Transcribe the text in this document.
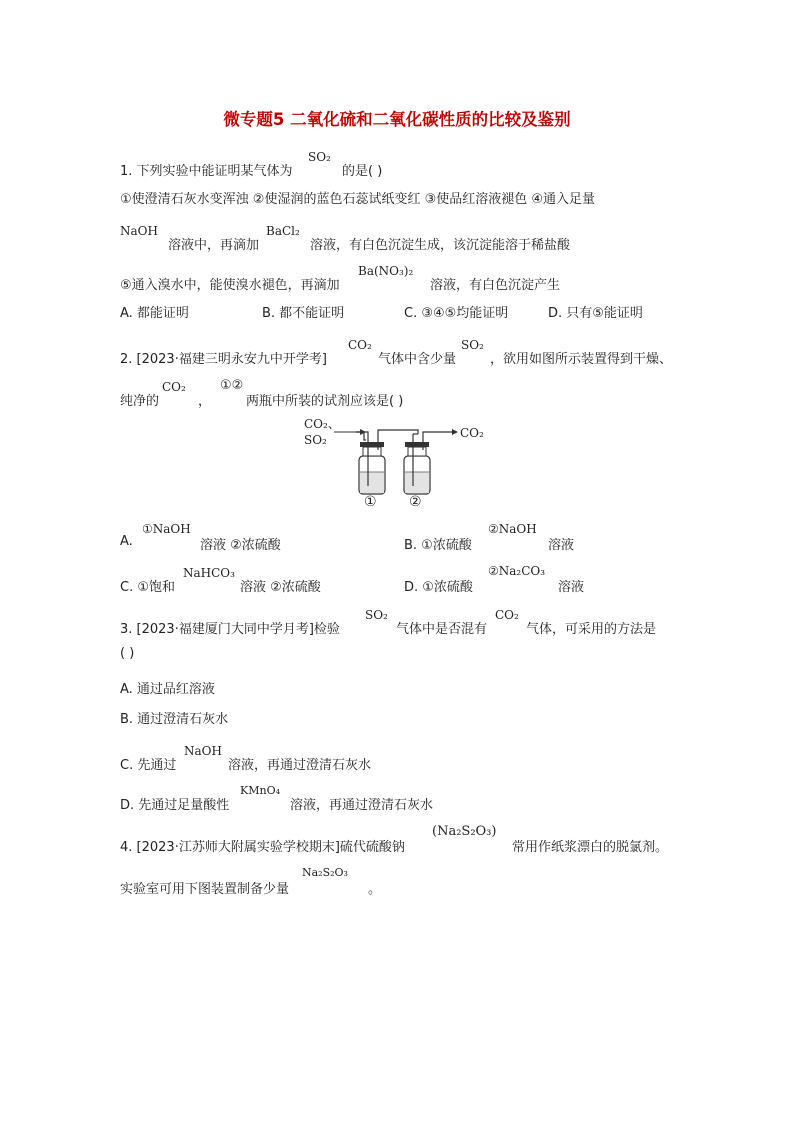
微专题5 二氧化硫和二氧化碳性质的比较及鉴别
1. 下列实验中能证明某气体为
SO₂
的是( )
①使澄清石灰水变浑浊 ②使湿润的蓝色石蕊试纸变红 ③使品红溶液褪色 ④通入足量
NaOH
溶液中，再滴加
BaCl₂
溶液，有白色沉淀生成，该沉淀能溶于稀盐酸
⑤通入溴水中，能使溴水褪色，再滴加
Ba(NO₃)₂
溶液，有白色沉淀产生
A. 都能证明	B. 都不能证明	C. ③④⑤均能证明	D. 只有⑤能证明
2. [2023·福建三明永安九中开学考]
CO₂
气体中含少量
SO₂
，欲用如图所示装置得到干燥、
纯净的
CO₂
，
①②
两瓶中所装的试剂应该是( )
CO₂、
SO₂	CO₂
① ②
A.
①NaOH
溶液 ②浓硫酸	B. ①浓硫酸
②NaOH
溶液
C. ①饱和
NaHCO₃
溶液 ②浓硫酸	D. ①浓硫酸
②Na₂CO₃
溶液
3. [2023·福建厦门大同中学月考]检验
SO₂
气体中是否混有
CO₂
气体，可采用的方法是
( )
A. 通过品红溶液
B. 通过澄清石灰水
C. 先通过
NaOH
溶液，再通过澄清石灰水
D. 先通过足量酸性
KMnO₄
溶液，再通过澄清石灰水
4. [2023·江苏师大附属实验学校期末]硫代硫酸钠
(Na₂S₂O₃)
常用作纸浆漂白的脱氯剂。
实验室可用下图装置制备少量
Na₂S₂O₃
。
